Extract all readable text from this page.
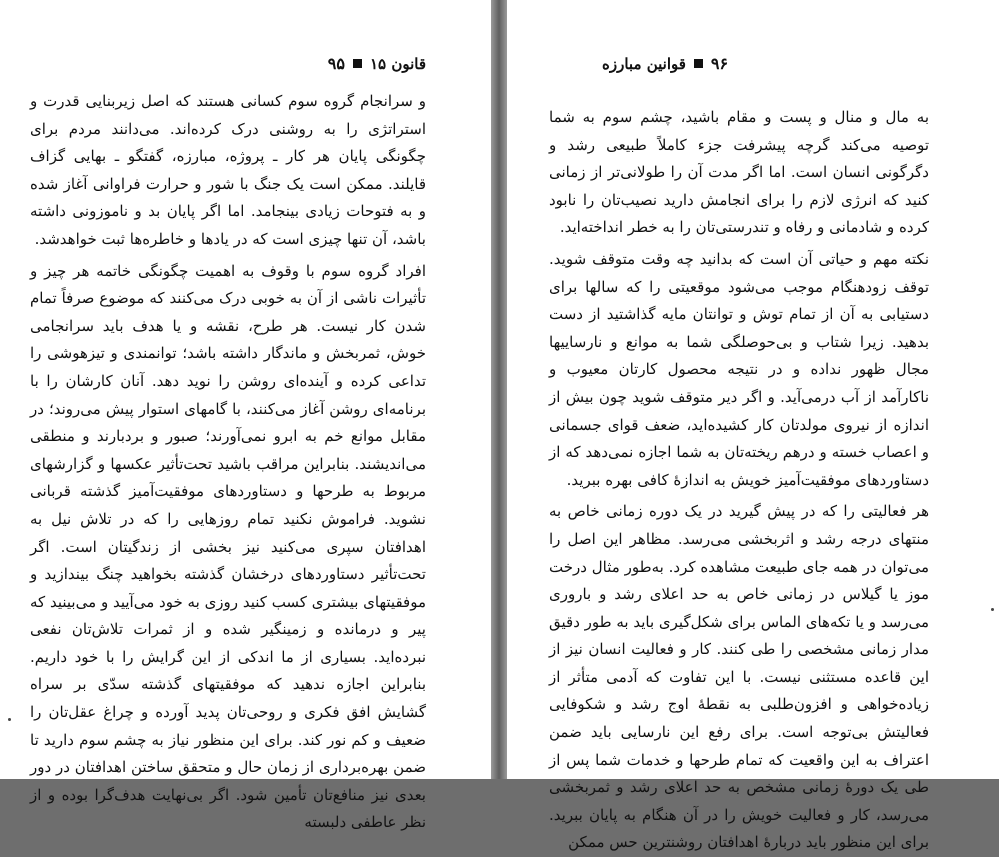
قانون ۱۵
۹۵

و سرانجام گروه سوم کسانی هستند که اصل زیربنایی قدرت و استراتژی را به روشنی درک کرده‌اند. می‌دانند مردم برای چگونگی پایان هر کار ـ پروژه، مبارزه، گفتگو ـ بهایی گزاف قایلند. ممکن است یک جنگ با شور و حرارت فراوانی آغاز شده و به فتوحات زیادی بینجامد. اما اگر پایان بد و ناموزونی داشته باشد، آن تنها چیزی است که در یادها و خاطره‌ها ثبت خواهدشد.

افراد گروه سوم با وقوف به اهمیت چگونگی خاتمه هر چیز و تأثیرات ناشی از آن به خوبی درک می‌کنند که موضوع صرفاً تمام شدن کار نیست. هر طرح، نقشه و یا هدف باید سرانجامی خوش، ثمربخش و ماندگار داشته باشد؛ توانمندی و تیزهوشی را تداعی کرده و آینده‌ای روشن را نوید دهد. آنان کارشان را با برنامه‌ای روشن آغاز می‌کنند، با گامهای استوار پیش می‌روند؛ در مقابل موانع خم به ابرو نمی‌آورند؛ صبور و بردبارند و منطقی می‌اندیشند. بنابراین مراقب باشید تحت‌تأثیر عکسها و گزارشهای مربوط به طرحها و دستاوردهای موفقیت‌آمیز گذشته قربانی نشوید. فراموش نکنید تمام روزهایی را که در تلاش نیل به اهدافتان سپری می‌کنید نیز بخشی از زندگیتان است. اگر تحت‌تأثیر دستاوردهای درخشان گذشته بخواهید چنگ بیندازید و موفقیتهای بیشتری کسب کنید روزی به خود می‌آیید و می‌بینید که پیر و درمانده و زمینگیر شده و از ثمرات تلاش‌تان نفعی نبرده‌اید. بسیاری از ما اندکی از این گرایش را با خود داریم. بنابراین اجازه ندهید که موفقیتهای گذشته سدّی بر سراه گشایش افق فکری و روحی‌تان پدید آورده و چراغ عقل‌تان را ضعیف و کم نور کند. برای این منظور نیاز به چشم سوم دارید تا ضمن بهره‌برداری از زمان حال و متحقق ساختن اهدافتان در دور بعدی نیز منافع‌تان تأمین شود. اگر بی‌نهایت هدف‌گرا بوده و از نظر عاطفی دلبسته

۹۶
قوانین مبارزه

به مال و منال و پست و مقام باشید، چشم سوم به شما توصیه می‌کند گرچه پیشرفت جزء کاملاً طبیعی رشد و دگرگونی انسان است. اما اگر مدت آن را طولانی‌تر از زمانی کنید که انرژی لازم را برای انجامش دارید نصیب‌تان را نابود کرده و شادمانی و رفاه و تندرستی‌تان را به خطر انداخته‌اید.

نکته مهم و حیاتی آن است که بدانید چه وقت متوقف شوید. توقف زودهنگام موجب می‌شود موقعیتی را که سالها برای دستیابی به آن از تمام توش و توانتان مایه گذاشتید از دست بدهید. زیرا شتاب و بی‌حوصلگی شما به موانع و نارساییها مجال ظهور نداده و در نتیجه محصول کارتان معیوب و ناکارآمد از آب درمی‌آید. و اگر دیر متوقف شوید چون بیش از اندازه از نیروی مولدتان کار کشیده‌اید، ضعف قوای جسمانی و اعصاب خسته و درهم ریخته‌تان به شما اجازه نمی‌دهد که از دستاوردهای موفقیت‌آمیز خویش به اندازهٔ کافی بهره ببرید.

هر فعالیتی را که در پیش گیرید در یک دوره زمانی خاص به منتهای درجه رشد و اثربخشی می‌رسد. مظاهر این اصل را می‌توان در همه جای طبیعت مشاهده کرد. به‌طور مثال درخت موز یا گیلاس در زمانی خاص به حد اعلای رشد و باروری می‌رسد و یا تکه‌های الماس برای شکل‌گیری باید به طور دقیق مدار زمانی مشخصی را طی کنند. کار و فعالیت انسان نیز از این قاعده مستثنی نیست. با این تفاوت که آدمی متأثر از زیاده‌خواهی و افزون‌طلبی به نقطهٔ اوج رشد و شکوفایی فعالیتش بی‌توجه است. برای رفع این نارسایی باید ضمن اعتراف به این واقعیت که تمام طرحها و خدمات شما پس از طی یک دورهٔ زمانی مشخص به حد اعلای رشد و ثمربخشی می‌رسد، کار و فعالیت خویش را در آن هنگام به پایان ببرید. برای این منظور باید دربارهٔ اهدافتان روشنترین حس ممکن
